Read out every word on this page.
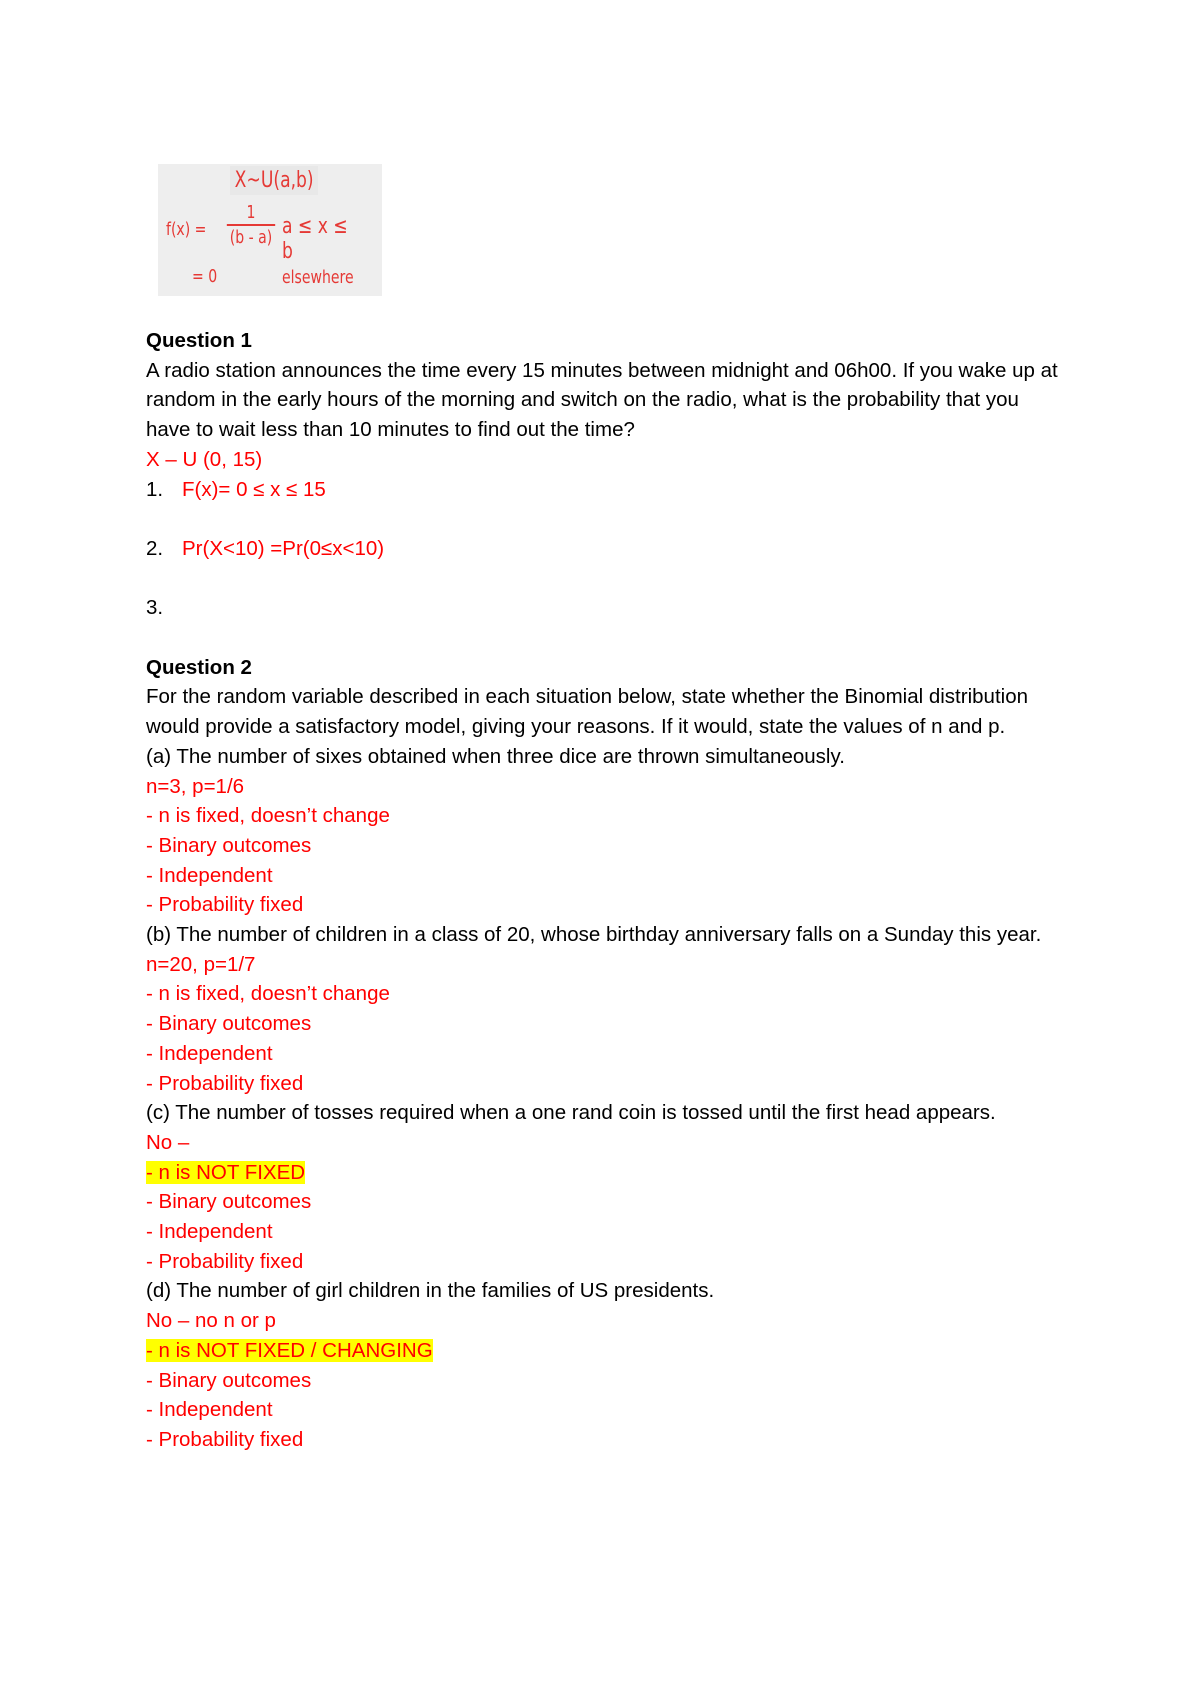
X~U(a,b)
$f(x) = \frac{1}{(b - a)}$ a ≤ x ≤ b
= 0	elsewhere

Question 1

A radio station announces the time every 15 minutes between midnight and 06h00. If you wake up at random in the early hours of the morning and switch on the radio, what is the probability that you have to wait less than 10 minutes to find out the time?

X – U (0, 15)

1. F(x)= 0 ≤ x ≤ 15

2. Pr(X<10) =Pr(0≤x<10)

3.

Question 2

For the random variable described in each situation below, state whether the Binomial distribution would provide a satisfactory model, giving your reasons. If it would, state the values of n and p.

(a) The number of sixes obtained when three dice are thrown simultaneously.

n=3, p=1/6

- n is fixed, doesn’t change

- Binary outcomes

- Independent

- Probability fixed

(b) The number of children in a class of 20, whose birthday anniversary falls on a Sunday this year.

n=20, p=1/7

- n is fixed, doesn’t change

- Binary outcomes

- Independent

- Probability fixed

(c) The number of tosses required when a one rand coin is tossed until the first head appears.

No –

- n is NOT FIXED

- Binary outcomes

- Independent

- Probability fixed

(d) The number of girl children in the families of US presidents.

No – no n or p

- n is NOT FIXED / CHANGING

- Binary outcomes

- Independent

- Probability fixed
